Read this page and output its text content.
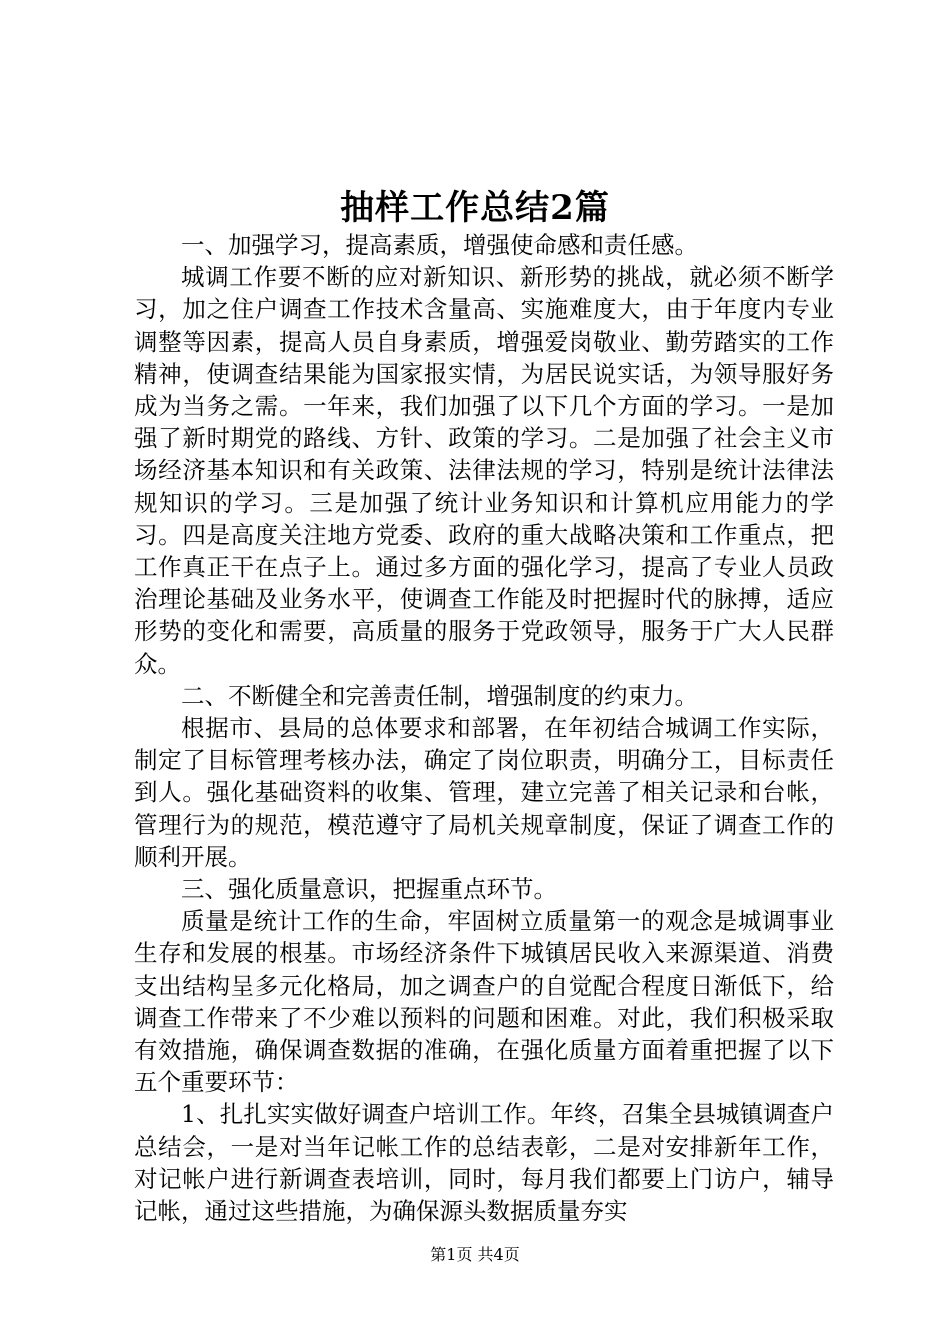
抽样工作总结2篇

一、加强学习，提高素质，增强使命感和责任感。

城调工作要不断的应对新知识、新形势的挑战，就必须不断学习，加之住户调查工作技术含量高、实施难度大，由于年度内专业调整等因素，提高人员自身素质，增强爱岗敬业、勤劳踏实的工作精神，使调查结果能为国家报实情，为居民说实话，为领导服好务成为当务之需。一年来，我们加强了以下几个方面的学习。一是加强了新时期党的路线、方针、政策的学习。二是加强了社会主义市场经济基本知识和有关政策、法律法规的学习，特别是统计法律法规知识的学习。三是加强了统计业务知识和计算机应用能力的学习。四是高度关注地方党委、政府的重大战略决策和工作重点，把工作真正干在点子上。通过多方面的强化学习，提高了专业人员政治理论基础及业务水平，使调查工作能及时把握时代的脉搏，适应形势的变化和需要，高质量的服务于党政领导，服务于广大人民群众。

二、不断健全和完善责任制，增强制度的约束力。

根据市、县局的总体要求和部署，在年初结合城调工作实际，制定了目标管理考核办法，确定了岗位职责，明确分工，目标责任到人。强化基础资料的收集、管理，建立完善了相关记录和台帐，管理行为的规范，模范遵守了局机关规章制度，保证了调查工作的顺利开展。

三、强化质量意识，把握重点环节。

质量是统计工作的生命，牢固树立质量第一的观念是城调事业生存和发展的根基。市场经济条件下城镇居民收入来源渠道、消费支出结构呈多元化格局，加之调查户的自觉配合程度日渐低下，给调查工作带来了不少难以预料的问题和困难。对此，我们积极采取有效措施，确保调查数据的准确，在强化质量方面着重把握了以下五个重要环节：

1、扎扎实实做好调查户培训工作。年终，召集全县城镇调查户总结会，一是对当年记帐工作的总结表彰，二是对安排新年工作，对记帐户进行新调查表培训，同时，每月我们都要上门访户，辅导记帐，通过这些措施，为确保源头数据质量夯实

第1页 共4页
